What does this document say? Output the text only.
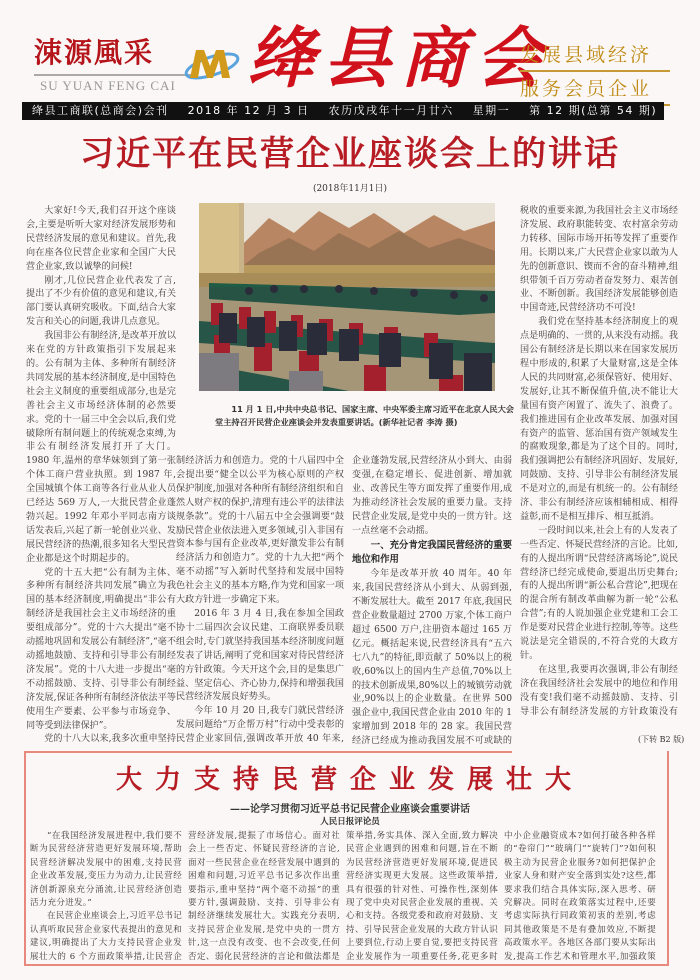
涑源風采
SU YUAN FENG CAI	绛县商会
发展县域经济
服务会员企业
绛县工商联(总商会)会刊 2018 年 12 月 3 日 农历戊戌年十一月廿六 星期一 第 12 期(总第 54 期)
习近平在民营企业座谈会上的讲话
(2018年11月1日)

大家好!今天,我们召开这个座谈会,主要是听听大家对经济发展形势和民营经济发展的意见和建议。首先,我向在座各位民营企业家和全国广大民营企业家,致以诚挚的问候!

刚才,几位民营企业代表发了言,提出了不少有价值的意见和建议,有关部门要认真研究吸收。下面,结合大家发言和关心的问题,我讲几点意见。

我国非公有制经济,是改革开放以来在党的方针政策指引下发展起来的。公有制为主体、多种所有制经济共同发展的基本经济制度,是中国特色社会主义制度的重要组成部分,也是完善社会主义市场经济体制的必然要求。党的十一届三中全会以后,我们党破除所有制问题上的传统观念束缚,为非公有制经济发展打开了大门。1980 年,温州的章华妹领到了第一张个体工商户营业执照。到 1987 年,全国城镇个体工商等各行业从业人员已经达 569 万人,一大批民营企业蓬勃兴起。1992 年邓小平同志南方谈话发表后,兴起了新一轮创业兴业、发展民营经济的热潮,很多知名大型民营企业都是这个时期起步的。

党的十五大把“公有制为主体、多种所有制经济共同发展”确立为我国的基本经济制度,明确提出“非公有制经济是我国社会主义市场经济的重要组成部分”。党的十六大提出“毫不动摇地巩固和发展公有制经济”,“毫不动摇地鼓励、支持和引导非公有制经济发展”。党的十八大进一步提出“毫不动摇鼓励、支持、引导非公有制经济发展,保证各种所有制经济依法平等使用生产要素、公平参与市场竞争、同等受到法律保护”。

党的十八大以来,我多次重申坚持

11 月 1 日,中共中央总书记、国家主席、中央军委主席习近平在北京人民大会堂主持召开民营企业座谈会并发表重要讲话。(新华社记者 李涛 摄)

制经济活力和创造力。党的十八届四中全会提出要“健全以公平为核心原则的产权保护制度,加强对各种所有制经济组织和自然人财产权的保护,清理有违公平的法律法规条款”。党的十八届五中全会强调要“鼓励民营企业依法进入更多领域,引入非国有资本参与国有企业改革,更好激发非公有制经济活力和创造力”。党的十九大把“两个毫不动摇”写入新时代坚持和发展中国特色社会主义的基本方略,作为党和国家一项大政方针进一步确定下来。

2016 年 3 月 4 日,我在参加全国政协十二届四次会议民建、工商联界委员联组会时,专门就坚持我国基本经济制度问题发表了讲话,阐明了党和国家对待民营经济的方针政策。今天开这个会,目的是集思广益、坚定信心、齐心协力,保持和增强我国民营经济发展良好势头。

今年 10 月 20 日,我专门就民营经济发展问题给“万企帮万村”行动中受表彰的民营企业家回信,强调改革开放 40 年来,

企业蓬勃发展,民营经济从小到大、由弱变强,在稳定增长、促进创新、增加就业、改善民生等方面发挥了重要作用,成为推动经济社会发展的重要力量。支持民营企业发展,是党中央的一贯方针。这一点丝毫不会动摇。

一、充分肯定我国民营经济的重要地位和作用

今年是改革开放 40 周年。40 年来,我国民营经济从小到大、从弱到强,不断发展壮大。截至 2017 年底,我国民营企业数量超过 2700 万家,个体工商户超过 6500 万户,注册资本超过 165 万亿元。概括起来说,民营经济具有“五六七八九”的特征,即贡献了 50%以上的税收,60%以上的国内生产总值,70%以上的技术创新成果,80%以上的城镇劳动就业,90%以上的企业数量。在世界 500 强企业中,我国民营企业由 2010 年的 1 家增加到 2018 年的 28 家。我国民营经济已经成为推动我国发展不可或缺的

税收的重要来源,为我国社会主义市场经济发展、政府职能转变、农村富余劳动力转移、国际市场开拓等发挥了重要作用。长期以来,广大民营企业家以敢为人先的创新意识、锲而不舍的奋斗精神,组织带领千百万劳动者奋发努力、艰苦创业、不断创新。我国经济发展能够创造中国奇迹,民营经济功不可没!

我们党在坚持基本经济制度上的观点是明确的、一贯的,从来没有动摇。我国公有制经济是长期以来在国家发展历程中形成的,积累了大量财富,这是全体人民的共同财富,必须保管好、使用好、发展好,让其不断保值升值,决不能让大量国有资产闲置了、流失了、浪费了。我们推进国有企业改革发展、加强对国有资产的监管、惩治国有资产领域发生的腐败现象,都是为了这个目的。同时,我们强调把公有制经济巩固好、发展好,同鼓励、支持、引导非公有制经济发展不是对立的,而是有机统一的。公有制经济、非公有制经济应该相辅相成、相得益彰,而不是相互排斥、相互抵消。

一段时间以来,社会上有的人发表了一些否定、怀疑民营经济的言论。比如,有的人提出所谓“民营经济离场论”,说民营经济已经完成使命,要退出历史舞台;有的人提出所谓“新公私合营论”,把现在的混合所有制改革曲解为新一轮“公私合营”;有的人说加强企业党建和工会工作是要对民营企业进行控制,等等。这些说法是完全错误的,不符合党的大政方针。

在这里,我要再次强调,非公有制经济在我国经济社会发展中的地位和作用没有变!我们毫不动摇鼓励、支持、引导非公有制经济发展的方针政策没有

(下转 B2 版)
大力支持民营企业发展壮大
——论学习贯彻习近平总书记民营企业座谈会重要讲话
人民日报评论员

“在我国经济发展进程中,我们要不断为民营经济营造更好发展环境,帮助民营经济解决发展中的困难,支持民营企业改革发展,变压力为动力,让民营经济创新源泉充分涌流,让民营经济创造活力充分迸发。”

在民营企业座谈会上,习近平总书记认真听取民营企业家代表提出的意见和建议,明确提出了大力支持民营企业发展壮大的 6 个方面政策举措,让民营企

营经济发展,提振了市场信心。面对社会上一些否定、怀疑民营经济的言论,面对一些民营企业在经营发展中遇到的困难和问题,习近平总书记多次作出重要指示,重申坚持“两个毫不动摇”的重要方针,强调鼓励、支持、引导非公有制经济继续发展壮大。实践充分表明,支持民营企业发展,是党中央的一贯方针,这一点没有改变、也不会改变,任何否定、弱化民营经济的言论和做法都是

策举措,务实具体、深入全面,致力解决民营企业遇到的困难和问题,旨在不断为民营经济营造更好发展环境,促进民营经济实现更大发展。这些政策举措,具有很强的针对性、可操作性,深刻体现了党中央对民营企业发展的重视、关心和支持。各级党委和政府对鼓励、支持、引导民营企业发展的大政方针认识上要到位,行动上要自觉,要把支持民营企业发展作为一项重要任务,花更多时

中小企业融资成本?如何打破各种各样的“卷帘门”“玻璃门”“旋转门”?如何积极主动为民营企业服务?如何把保护企业家人身和财产安全落到实处?这些,都要求我们结合具体实际,深入思考、研究解决。同时在政策落实过程中,还要考虑实际执行同政策初衷的差别,考虑同其他政策是不是有叠加效应,不断提高政策水平。各地区各部门要从实际出发,提高工作艺术和管理水平,加强政策
